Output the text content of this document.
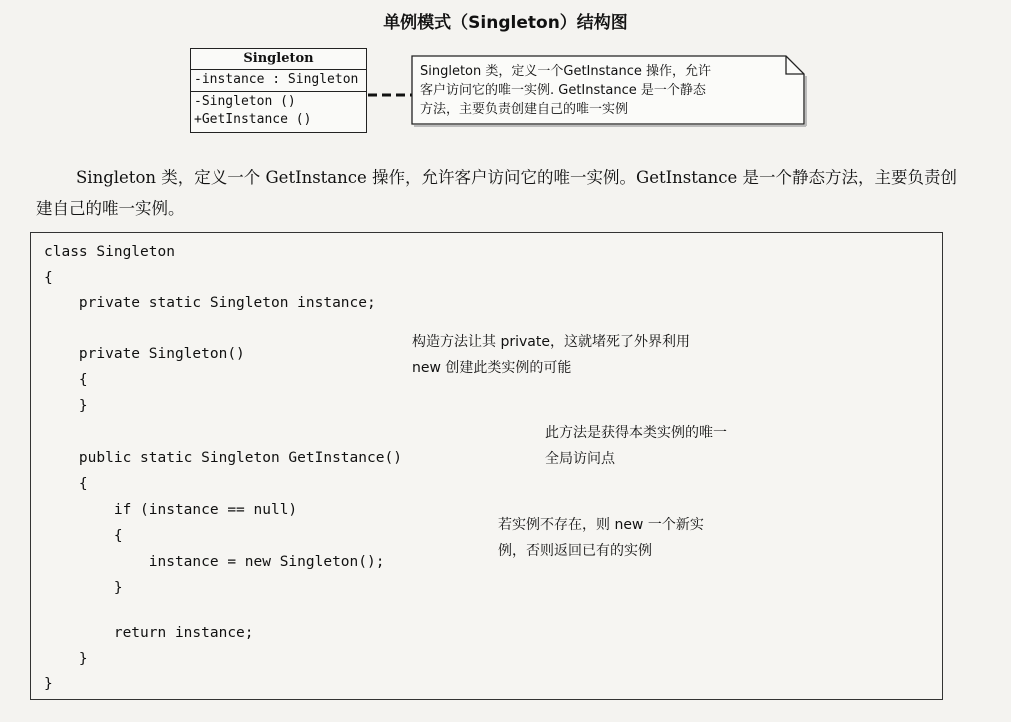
单例模式（Singleton）结构图
Singleton
-instance : Singleton
-Singleton ()
+GetInstance ()
Singleton 类，定义一个GetInstance 操作，允许
客户访问它的唯一实例. GetInstance 是一个静态
方法，主要负责创建自己的唯一实例
Singleton 类，定义一个 GetInstance 操作，允许客户访问它的唯一实例。GetInstance 是一个静态方法，主要负责创建自己的唯一实例。
class Singleton
{
private static Singleton instance;
private Singleton()
{
}
public static Singleton GetInstance()
{
if (instance == null)
{
instance = new Singleton();
}
return instance;
}
}
构造方法让其 private，这就堵死了外界利用
new 创建此类实例的可能
此方法是获得本类实例的唯一
全局访问点
若实例不存在，则 new 一个新实
例，否则返回已有的实例
